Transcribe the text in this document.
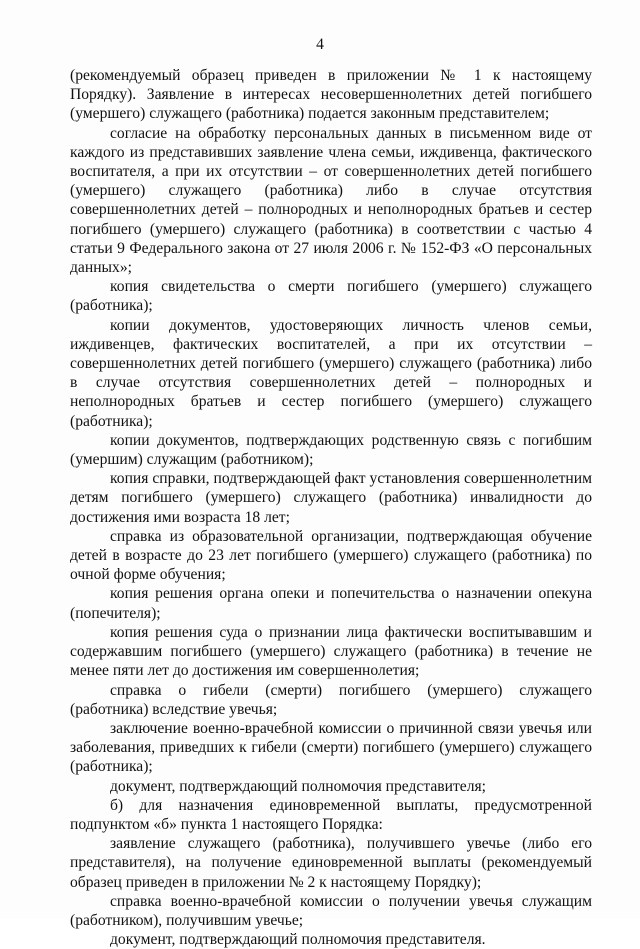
4

(рекомендуемый образец приведен в приложении № 1 к настоящему Порядку). Заявление в интересах несовершеннолетних детей погибшего (умершего) служащего (работника) подается законным представителем;

согласие на обработку персональных данных в письменном виде от каждого из представивших заявление члена семьи, иждивенца, фактического воспитателя, а при их отсутствии – от совершеннолетних детей погибшего (умершего) служащего (работника) либо в случае отсутствия совершеннолетних детей – полнородных и неполнородных братьев и сестер погибшего (умершего) служащего (работника) в соответствии с частью 4 статьи 9 Федерального закона от 27 июля 2006 г. № 152-ФЗ «О персональных данных»;

копия свидетельства о смерти погибшего (умершего) служащего (работника);

копии документов, удостоверяющих личность членов семьи, иждивенцев, фактических воспитателей, а при их отсутствии – совершеннолетних детей погибшего (умершего) служащего (работника) либо в случае отсутствия совершеннолетних детей – полнородных и неполнородных братьев и сестер погибшего (умершего) служащего (работника);

копии документов, подтверждающих родственную связь с погибшим (умершим) служащим (работником);

копия справки, подтверждающей факт установления совершеннолетним детям погибшего (умершего) служащего (работника) инвалидности до достижения ими возраста 18 лет;

справка из образовательной организации, подтверждающая обучение детей в возрасте до 23 лет погибшего (умершего) служащего (работника) по очной форме обучения;

копия решения органа опеки и попечительства о назначении опекуна (попечителя);

копия решения суда о признании лица фактически воспитывавшим и содержавшим погибшего (умершего) служащего (работника) в течение не менее пяти лет до достижения им совершеннолетия;

справка о гибели (смерти) погибшего (умершего) служащего (работника) вследствие увечья;

заключение военно-врачебной комиссии о причинной связи увечья или заболевания, приведших к гибели (смерти) погибшего (умершего) служащего (работника);

документ, подтверждающий полномочия представителя;

б) для назначения единовременной выплаты, предусмотренной подпунктом «б» пункта 1 настоящего Порядка:

заявление служащего (работника), получившего увечье (либо его представителя), на получение единовременной выплаты (рекомендуемый образец приведен в приложении № 2 к настоящему Порядку);

справка военно-врачебной комиссии о получении увечья служащим (работником), получившим увечье;

документ, подтверждающий полномочия представителя.
